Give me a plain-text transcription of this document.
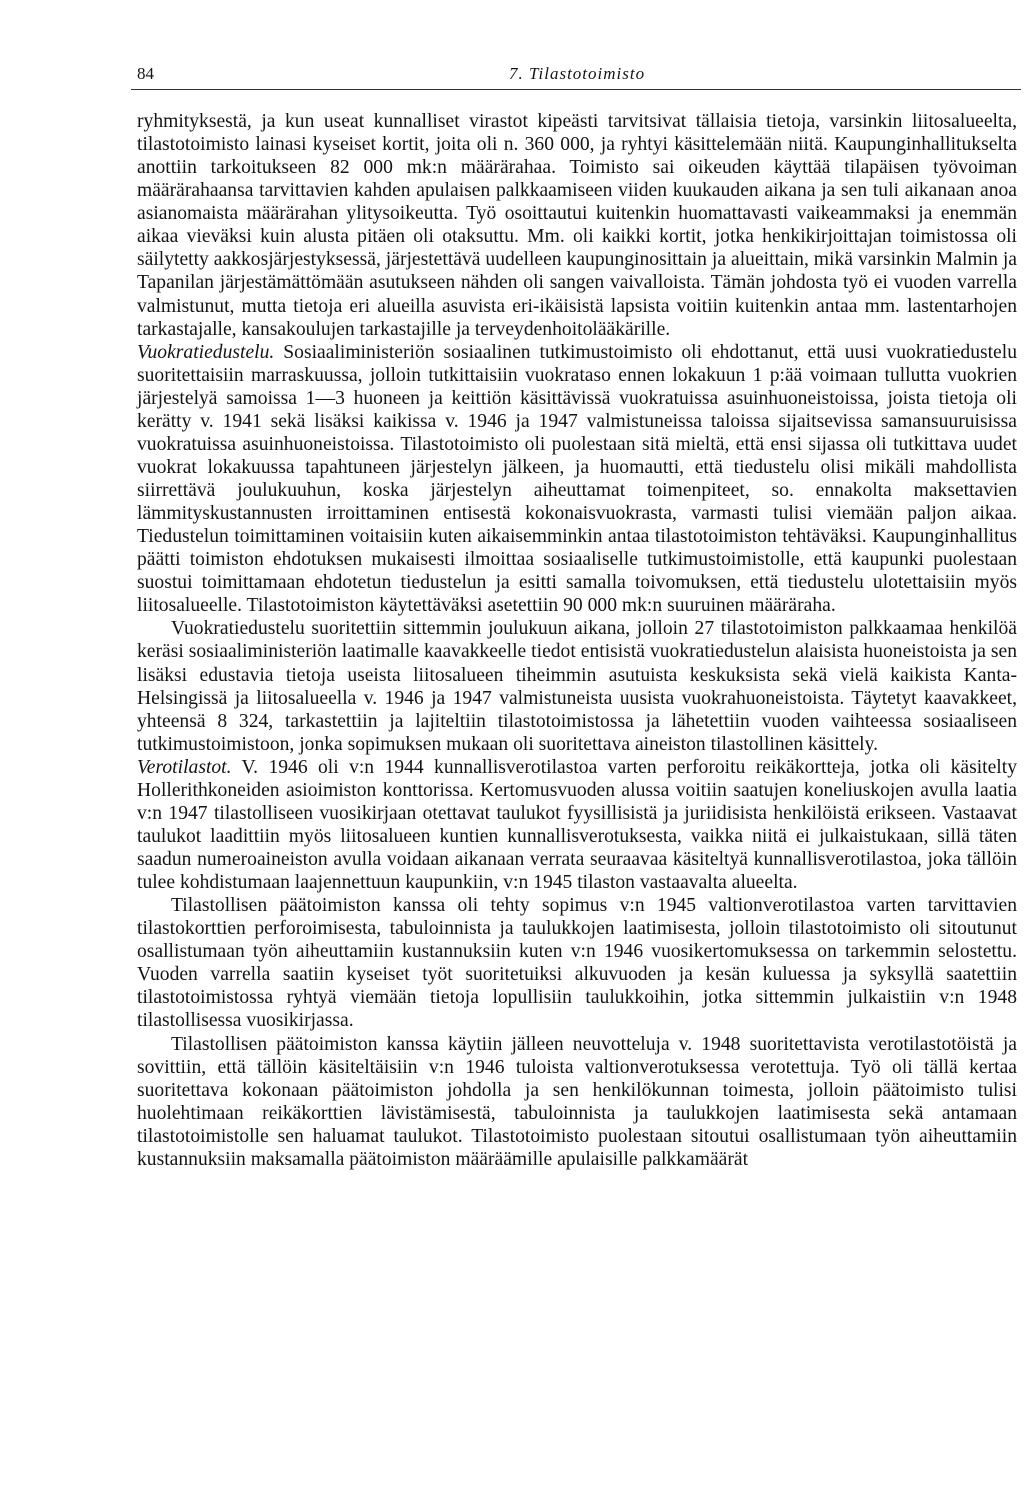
84	7. Tilastotoimisto

ryhmityksestä, ja kun useat kunnalliset virastot kipeästi tarvitsivat tällaisia tietoja, varsinkin liitosalueelta, tilastotoimisto lainasi kyseiset kortit, joita oli n. 360 000, ja ryhtyi käsittelemään niitä. Kaupunginhallitukselta anottiin tarkoitukseen 82 000 mk:n määrärahaa. Toimisto sai oikeuden käyttää tilapäisen työvoiman määrärahaansa tarvittavien kahden apulaisen palkkaamiseen viiden kuukauden aikana ja sen tuli aikanaan anoa asianomaista määrärahan ylitysoikeutta. Työ osoittautui kuitenkin huomattavasti vaikeammaksi ja enemmän aikaa vieväksi kuin alusta pitäen oli otaksuttu. Mm. oli kaikki kortit, jotka henkikirjoittajan toimistossa oli säilytetty aakkosjärjestyksessä, järjestettävä uudelleen kaupunginosittain ja alueittain, mikä varsinkin Malmin ja Tapanilan järjestämättömään asutukseen nähden oli sangen vaivalloista. Tämän johdosta työ ei vuoden varrella valmistunut, mutta tietoja eri alueilla asuvista eri-ikäisistä lapsista voitiin kuitenkin antaa mm. lastentarhojen tarkastajalle, kansakoulujen tarkastajille ja terveydenhoitolääkärille.

Vuokratiedustelu. Sosiaaliministeriön sosiaalinen tutkimustoimisto oli ehdottanut, että uusi vuokratiedustelu suoritettaisiin marraskuussa, jolloin tutkittaisiin vuokrataso ennen lokakuun 1 p:ää voimaan tullutta vuokrien järjestelyä samoissa 1—3 huoneen ja keittiön käsittävissä vuokratuissa asuinhuoneistoissa, joista tietoja oli kerätty v. 1941 sekä lisäksi kaikissa v. 1946 ja 1947 valmistuneissa taloissa sijaitsevissa samansuuruisissa vuokratuissa asuinhuoneistoissa. Tilastotoimisto oli puolestaan sitä mieltä, että ensi sijassa oli tutkittava uudet vuokrat lokakuussa tapahtuneen järjestelyn jälkeen, ja huomautti, että tiedustelu olisi mikäli mahdollista siirrettävä joulukuuhun, koska järjestelyn aiheuttamat toimenpiteet, so. ennakolta maksettavien lämmityskustannusten irroittaminen entisestä kokonaisvuokrasta, varmasti tulisi viemään paljon aikaa. Tiedustelun toimittaminen voitaisiin kuten aikaisemminkin antaa tilastotoimiston tehtäväksi. Kaupunginhallitus päätti toimiston ehdotuksen mukaisesti ilmoittaa sosiaaliselle tutkimustoimistolle, että kaupunki puolestaan suostui toimittamaan ehdotetun tiedustelun ja esitti samalla toivomuksen, että tiedustelu ulotettaisiin myös liitosalueelle. Tilastotoimiston käytettäväksi asetettiin 90 000 mk:n suuruinen määräraha.

Vuokratiedustelu suoritettiin sittemmin joulukuun aikana, jolloin 27 tilastotoimiston palkkaamaa henkilöä keräsi sosiaaliministeriön laatimalle kaavakkeelle tiedot entisistä vuokratiedustelun alaisista huoneistoista ja sen lisäksi edustavia tietoja useista liitosalueen tiheimmin asutuista keskuksista sekä vielä kaikista Kanta-Helsingissä ja liitosalueella v. 1946 ja 1947 valmistuneista uusista vuokrahuoneistoista. Täytetyt kaavakkeet, yhteensä 8 324, tarkastettiin ja lajiteltiin tilastotoimistossa ja lähetettiin vuoden vaihteessa sosiaaliseen tutkimustoimistoon, jonka sopimuksen mukaan oli suoritettava aineiston tilastollinen käsittely.

Verotilastot. V. 1946 oli v:n 1944 kunnallisverotilastoa varten perforoitu reikäkortteja, jotka oli käsitelty Hollerithkoneiden asioimiston konttorissa. Kertomusvuoden alussa voitiin saatujen koneliuskojen avulla laatia v:n 1947 tilastolliseen vuosikirjaan otettavat taulukot fyysillisistä ja juriidisista henkilöistä erikseen. Vastaavat taulukot laadittiin myös liitosalueen kuntien kunnallisverotuksesta, vaikka niitä ei julkaistukaan, sillä täten saadun numeroaineiston avulla voidaan aikanaan verrata seuraavaa käsiteltyä kunnallisverotilastoa, joka tällöin tulee kohdistumaan laajennettuun kaupunkiin, v:n 1945 tilaston vastaavalta alueelta.

Tilastollisen päätoimiston kanssa oli tehty sopimus v:n 1945 valtionverotilastoa varten tarvittavien tilastokorttien perforoimisesta, tabuloinnista ja taulukkojen laatimisesta, jolloin tilastotoimisto oli sitoutunut osallistumaan työn aiheuttamiin kustannuksiin kuten v:n 1946 vuosikertomuksessa on tarkemmin selostettu. Vuoden varrella saatiin kyseiset työt suoritetuiksi alkuvuoden ja kesän kuluessa ja syksyllä saatettiin tilastotoimistossa ryhtyä viemään tietoja lopullisiin taulukkoihin, jotka sittemmin julkaistiin v:n 1948 tilastollisessa vuosikirjassa.

Tilastollisen päätoimiston kanssa käytiin jälleen neuvotteluja v. 1948 suoritettavista verotilastotöistä ja sovittiin, että tällöin käsiteltäisiin v:n 1946 tuloista valtionverotuksessa verotettuja. Työ oli tällä kertaa suoritettava kokonaan päätoimiston johdolla ja sen henkilökunnan toimesta, jolloin päätoimisto tulisi huolehtimaan reikäkorttien lävistämisestä, tabuloinnista ja taulukkojen laatimisesta sekä antamaan tilastotoimistolle sen haluamat taulukot. Tilastotoimisto puolestaan sitoutui osallistumaan työn aiheuttamiin kustannuksiin maksamalla päätoimiston määräämille apulaisille palkkamäärät
